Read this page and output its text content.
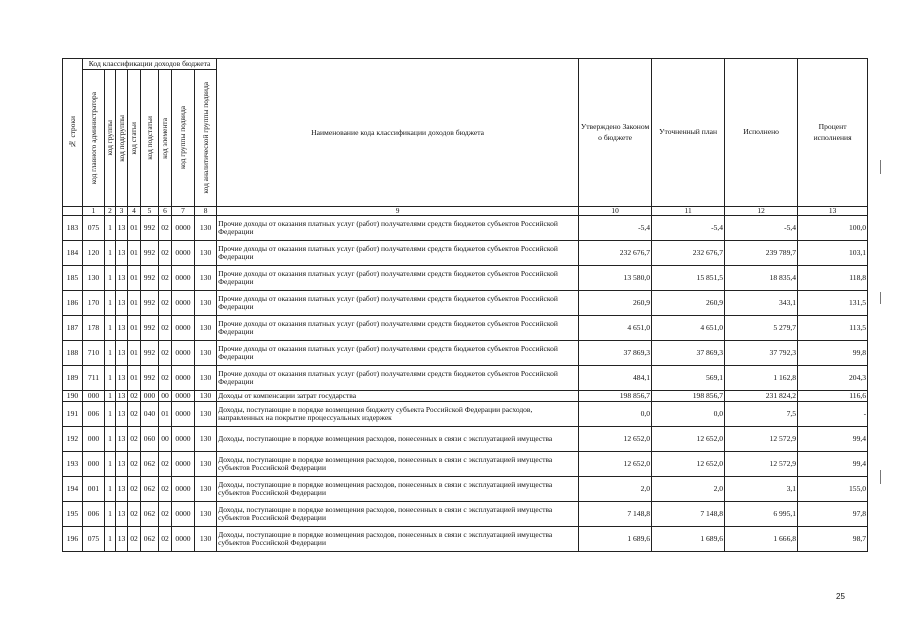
№ строки	Код классификации доходов бюджета								Наименование кода классификации доходов бюджета	Утверждено Законом о бюджете	Уточненный план	Исполнено	Процент исполнения

	код главного администратора	код группы	код подгруппы	код статьи	код подстатьи	код элемента	код группы подвида	код аналитической группы подвида					

	1	2	3	4	5	6	7	8	9	10	11	12	13
183	075	1	13	01	992	02	0000	130	Прочие доходы от оказания платных услуг (работ) получателями средств бюджетов субъектов Российской Федерации	-5,4	-5,4	-5,4	100,0
184	120	1	13	01	992	02	0000	130	Прочие доходы от оказания платных услуг (работ) получателями средств бюджетов субъектов Российской Федерации	232 676,7	232 676,7	239 789,7	103,1
185	130	1	13	01	992	02	0000	130	Прочие доходы от оказания платных услуг (работ) получателями средств бюджетов субъектов Российской Федерации	13 580,0	15 851,5	18 835,4	118,8
186	170	1	13	01	992	02	0000	130	Прочие доходы от оказания платных услуг (работ) получателями средств бюджетов субъектов Российской Федерации	260,9	260,9	343,1	131,5
187	178	1	13	01	992	02	0000	130	Прочие доходы от оказания платных услуг (работ) получателями средств бюджетов субъектов Российской Федерации	4 651,0	4 651,0	5 279,7	113,5
188	710	1	13	01	992	02	0000	130	Прочие доходы от оказания платных услуг (работ) получателями средств бюджетов субъектов Российской Федерации	37 869,3	37 869,3	37 792,3	99,8
189	711	1	13	01	992	02	0000	130	Прочие доходы от оказания платных услуг (работ) получателями средств бюджетов субъектов Российской Федерации	484,1	569,1	1 162,8	204,3
190	000	1	13	02	000	00	0000	130	Доходы от компенсации затрат государства	198 856,7	198 856,7	231 824,2	116,6
191	006	1	13	02	040	01	0000	130	Доходы, поступающие в порядке возмещения бюджету субъекта Российской Федерации расходов, направленных на покрытие процессуальных издержек	0,0	0,0	7,5	-
192	000	1	13	02	060	00	0000	130	Доходы, поступающие в порядке возмещения расходов, понесенных в связи с эксплуатацией имущества	12 652,0	12 652,0	12 572,9	99,4
193	000	1	13	02	062	02	0000	130	Доходы, поступающие в порядке возмещения расходов, понесенных в связи с эксплуатацией имущества субъектов Российской Федерации	12 652,0	12 652,0	12 572,9	99,4
194	001	1	13	02	062	02	0000	130	Доходы, поступающие в порядке возмещения расходов, понесенных в связи с эксплуатацией имущества субъектов Российской Федерации	2,0	2,0	3,1	155,0
195	006	1	13	02	062	02	0000	130	Доходы, поступающие в порядке возмещения расходов, понесенных в связи с эксплуатацией имущества субъектов Российской Федерации	7 148,8	7 148,8	6 995,1	97,8
196	075	1	13	02	062	02	0000	130	Доходы, поступающие в порядке возмещения расходов, понесенных в связи с эксплуатацией имущества субъектов Российской Федерации	1 689,6	1 689,6	1 666,8	98,7
25
